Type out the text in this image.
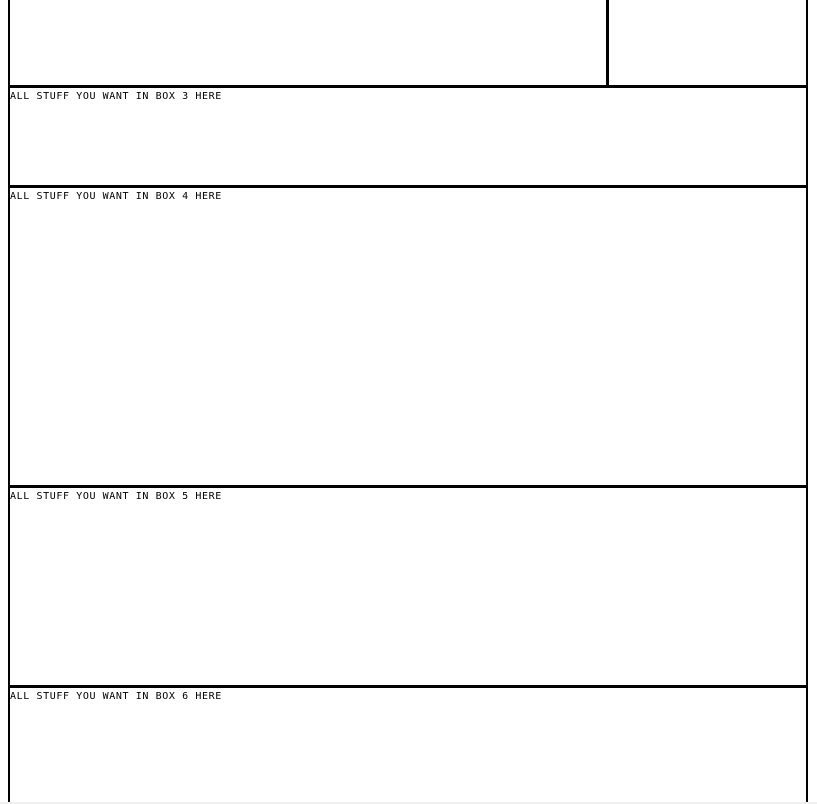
ALL STUFF YOU WANT IN BOX 3 HERE
ALL STUFF YOU WANT IN BOX 4 HERE
ALL STUFF YOU WANT IN BOX 5 HERE
ALL STUFF YOU WANT IN BOX 6 HERE
